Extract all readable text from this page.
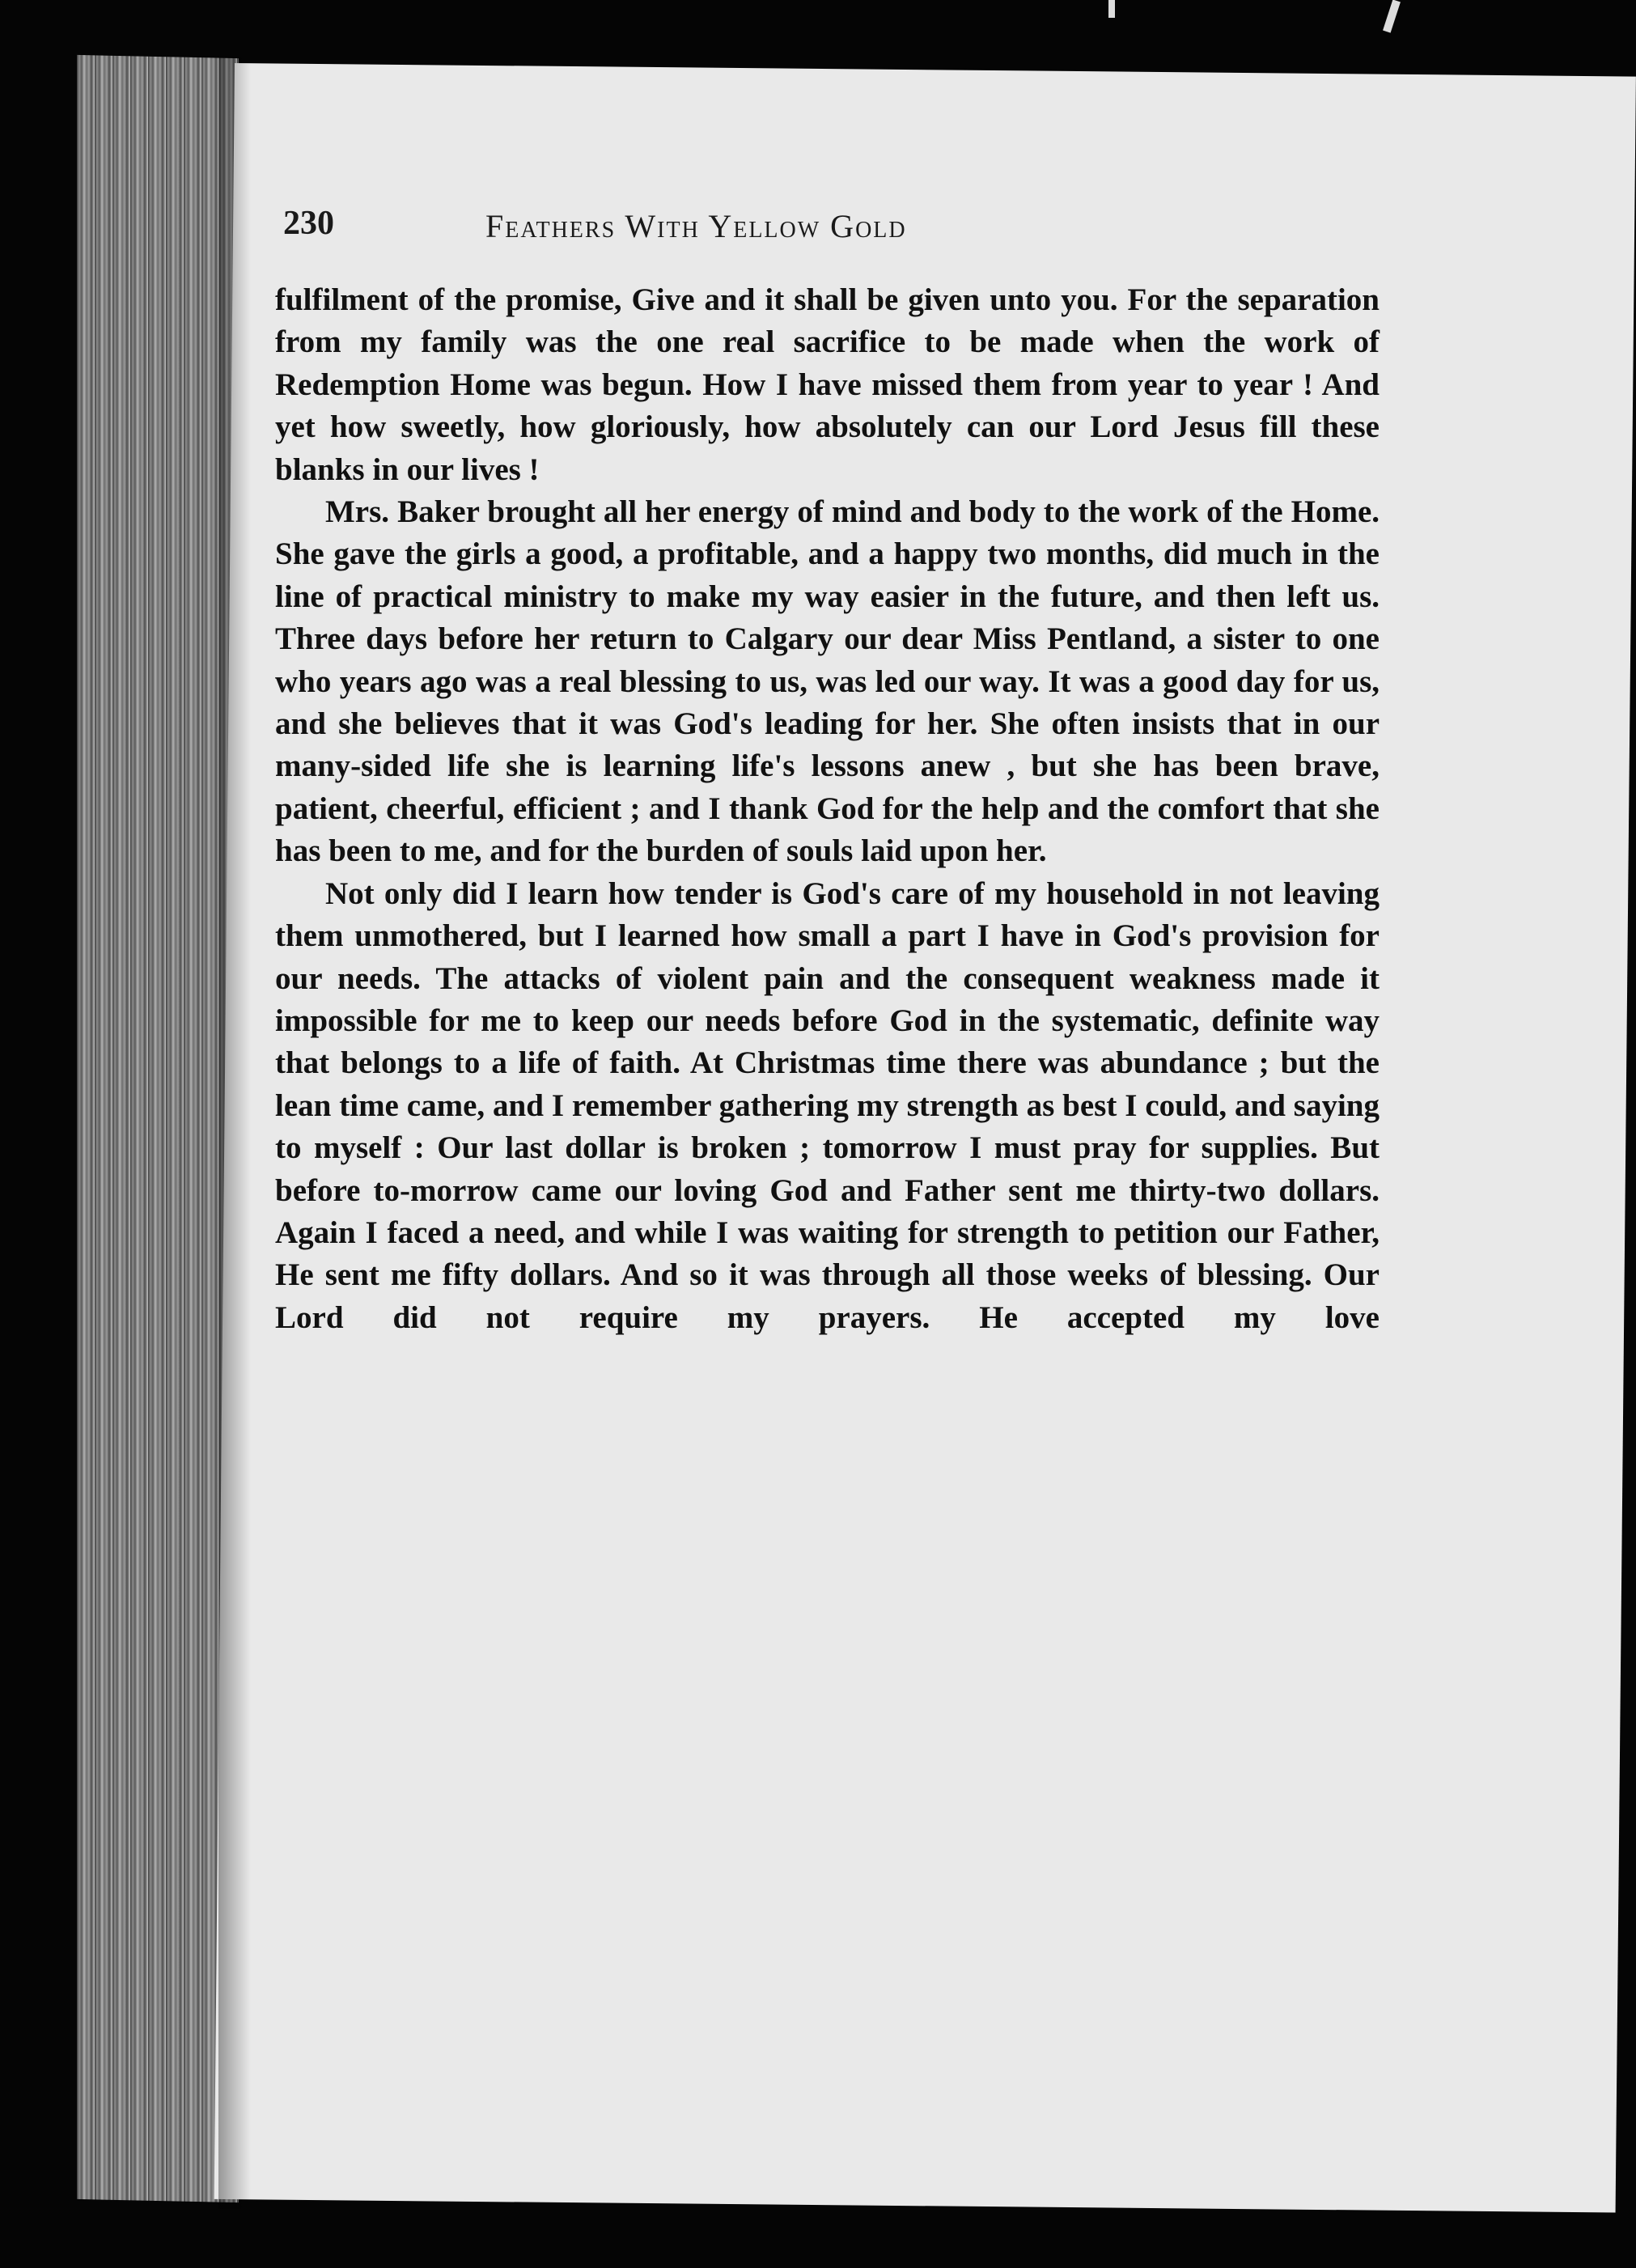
230	Feathers With Yellow Gold

fulfilment of the promise, Give and it shall be given unto you. For the separation from my family was the one real sacrifice to be made when the work of Redemption Home was begun. How I have missed them from year to year ! And yet how sweetly, how gloriously, how absolutely can our Lord Jesus fill these blanks in our lives !

Mrs. Baker brought all her energy of mind and body to the work of the Home. She gave the girls a good, a profitable, and a happy two months, did much in the line of practical ministry to make my way easier in the future, and then left us. Three days before her return to Calgary our dear Miss Pentland, a sister to one who years ago was a real blessing to us, was led our way. It was a good day for us, and she believes that it was God's leading for her. She often insists that in our many-sided life she is learning life's lessons anew , but she has been brave, patient, cheerful, efficient ; and I thank God for the help and the comfort that she has been to me, and for the burden of souls laid upon her.

Not only did I learn how tender is God's care of my household in not leaving them unmothered, but I learned how small a part I have in God's provision for our needs. The attacks of violent pain and the consequent weakness made it impossible for me to keep our needs before God in the systematic, definite way that belongs to a life of faith. At Christmas time there was abundance ; but the lean time came, and I remember gathering my strength as best I could, and saying to myself : Our last dollar is broken ; tomorrow I must pray for supplies. But before to-morrow came our loving God and Father sent me thirty-two dollars. Again I faced a need, and while I was waiting for strength to petition our Father, He sent me fifty dollars. And so it was through all those weeks of blessing. Our Lord did not require my prayers. He accepted my love
